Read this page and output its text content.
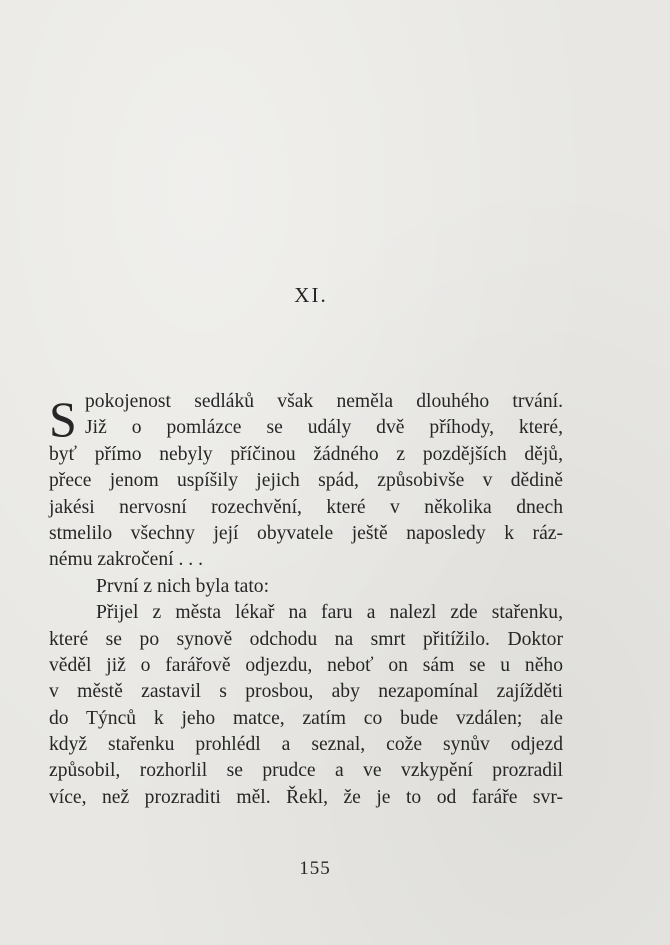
XI.
S pokojenost sedláků však neměla dlouhého trvání.
Již o pomlázce se udály dvě příhody, které,
byť přímo nebyly příčinou žádného z pozdějších dějů,
přece jenom uspíšily jejich spád, způsobivše v dědině
jakési nervosní rozechvění, které v několika dnech
stmelilo všechny její obyvatele ještě naposledy k ráz-
nému zakročení . . .
První z nich byla tato:
Přijel z města lékař na faru a nalezl zde stařenku,
které se po synově odchodu na smrt přitížilo. Doktor
věděl již o farářově odjezdu, neboť on sám se u něho
v městě zastavil s prosbou, aby nezapomínal zajížděti
do Týnců k jeho matce, zatím co bude vzdálen; ale
když stařenku prohlédl a seznal, cože synův odjezd
způsobil, rozhorlil se prudce a ve vzkypění prozradil
více, než prozraditi měl. Řekl, že je to od faráře svr-
155
